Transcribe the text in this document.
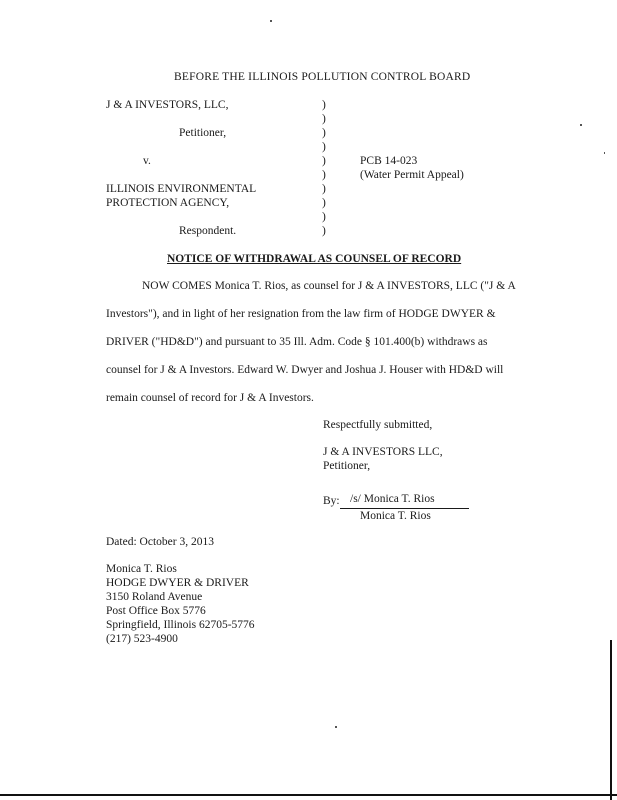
BEFORE THE ILLINOIS POLLUTION CONTROL BOARD
J & A INVESTORS, LLC,
Petitioner,
v.
ILLINOIS ENVIRONMENTAL
PROTECTION AGENCY,
Respondent.
)
)
)
)
)
)
)
)
)
)
PCB 14-023
(Water Permit Appeal)
NOTICE OF WITHDRAWAL AS COUNSEL OF RECORD
NOW COMES Monica T. Rios, as counsel for J & A INVESTORS, LLC ("J & A
Investors"), and in light of her resignation from the law firm of HODGE DWYER &
DRIVER ("HD&D") and pursuant to 35 Ill. Adm. Code § 101.400(b) withdraws as
counsel for J & A Investors. Edward W. Dwyer and Joshua J. Houser with HD&D will
remain counsel of record for J & A Investors.
Respectfully submitted,
J & A INVESTORS LLC,
Petitioner,
By: /s/ Monica T. Rios
Monica T. Rios
Dated: October 3, 2013
Monica T. Rios
HODGE DWYER & DRIVER
3150 Roland Avenue
Post Office Box 5776
Springfield, Illinois 62705-5776
(217) 523-4900
